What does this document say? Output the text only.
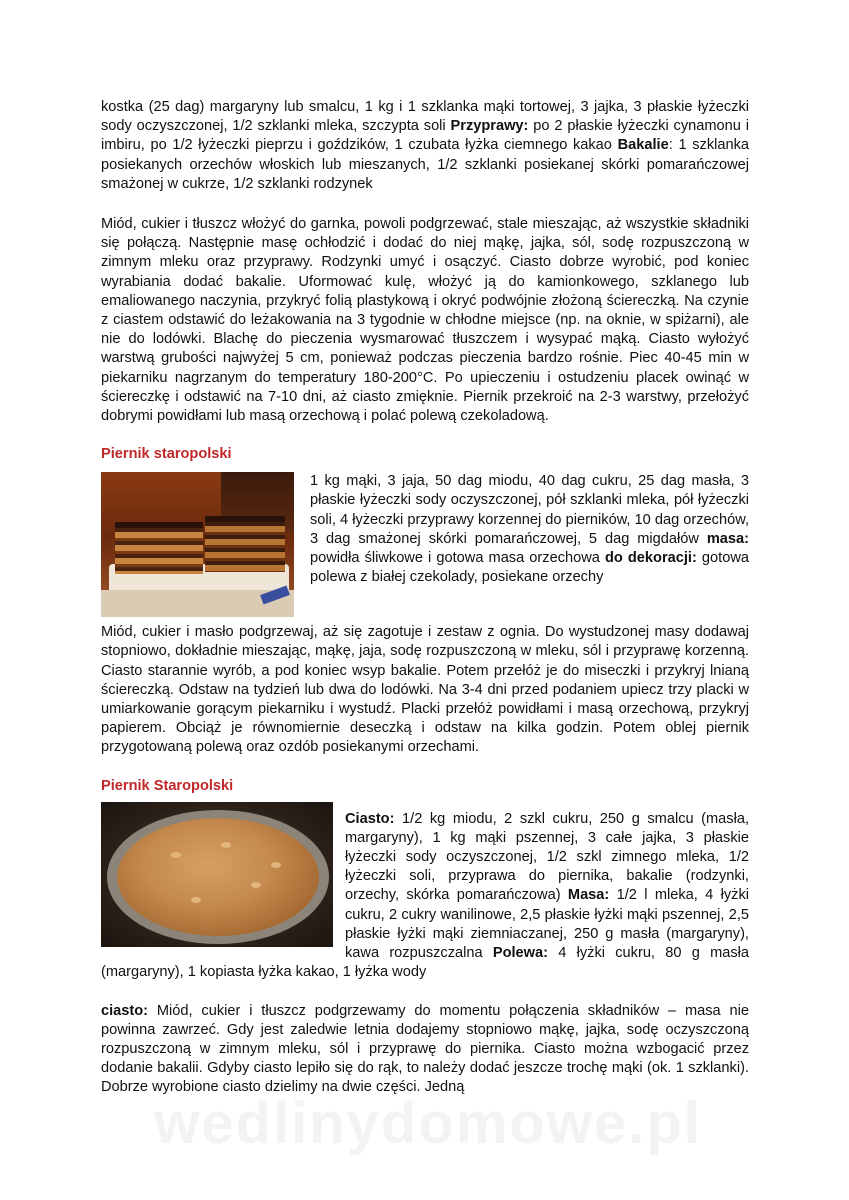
kostka (25 dag) margaryny lub smalcu, 1 kg i 1 szklanka mąki tortowej, 3 jajka, 3 płaskie łyżeczki sody oczyszczonej, 1/2 szklanki mleka, szczypta soli Przyprawy: po 2 płaskie łyżeczki cynamonu i imbiru, po 1/2 łyżeczki pieprzu i goździków, 1 czubata łyżka ciemnego kakao Bakalie: 1 szklanka posiekanych orzechów włoskich lub mieszanych, 1/2 szklanki posiekanej skórki pomarańczowej smażonej w cukrze, 1/2 szklanki rodzynek

Miód, cukier i tłuszcz włożyć do garnka, powoli podgrzewać, stale mieszając, aż wszystkie składniki się połączą. Następnie masę ochłodzić i dodać do niej mąkę, jajka, sól, sodę rozpuszczoną w zimnym mleku oraz przyprawy. Rodzynki umyć i osączyć. Ciasto dobrze wyrobić, pod koniec wyrabiania dodać bakalie. Uformować kulę, włożyć ją do kamionkowego, szklanego lub emaliowanego naczynia, przykryć folią plastykową i okryć podwójnie złożoną ściereczką. Na czynie z ciastem odstawić do leżakowania na 3 tygodnie w chłodne miejsce (np. na oknie, w spiżarni), ale nie do lodówki. Blachę do pieczenia wysmarować tłuszczem i wysypać mąką. Ciasto wyłożyć warstwą grubości najwyżej 5 cm, ponieważ podczas pieczenia bardzo rośnie. Piec 40-45 min w piekarniku nagrzanym do temperatury 180-200°C. Po upieczeniu i ostudzeniu placek owinąć w ściereczkę i odstawić na 7-10 dni, aż ciasto zmięknie. Piernik przekroić na 2-3 warstwy, przełożyć dobrymi powidłami lub masą orzechową i polać polewą czekoladową.

Piernik staropolski

1 kg mąki, 3 jaja, 50 dag miodu, 40 dag cukru, 25 dag masła, 3 płaskie łyżeczki sody oczyszczonej, pół szklanki mleka, pół łyżeczki soli, 4 łyżeczki przyprawy korzennej do pierników, 10 dag orzechów, 3 dag smażonej skórki pomarańczowej, 5 dag migdałów masa: powidła śliwkowe i gotowa masa orzechowa do dekoracji: gotowa polewa z białej czekolady, posiekane orzechy

Miód, cukier i masło podgrzewaj, aż się zagotuje i zestaw z ognia. Do wystudzonej masy dodawaj stopniowo, dokładnie mieszając, mąkę, jaja, sodę rozpuszczoną w mleku, sól i przyprawę korzenną. Ciasto starannie wyrób, a pod koniec wsyp bakalie. Potem przełóż je do miseczki i przykryj lnianą ściereczką. Odstaw na tydzień lub dwa do lodówki. Na 3-4 dni przed podaniem upiecz trzy placki w umiarkowanie gorącym piekarniku i wystudź. Placki przełóż powidłami i masą orzechową, przykryj papierem. Obciąż je równomiernie deseczką i odstaw na kilka godzin. Potem oblej piernik przygotowaną polewą oraz ozdób posiekanymi orzechami.

Piernik Staropolski

Ciasto: 1/2 kg miodu, 2 szkl cukru, 250 g smalcu (masła, margaryny), 1 kg mąki pszennej, 3 całe jajka, 3 płaskie łyżeczki sody oczyszczonej, 1/2 szkl zimnego mleka, 1/2 łyżeczki soli, przyprawa do piernika, bakalie (rodzynki, orzechy, skórka pomarańczowa) Masa: 1/2 l mleka, 4 łyżki cukru, 2 cukry wanilinowe, 2,5 płaskie łyżki mąki pszennej, 2,5 płaskie łyżki mąki ziemniaczanej, 250 g masła (margaryny), kawa rozpuszczalna Polewa: 4 łyżki cukru, 80 g masła (margaryny), 1 kopiasta łyżka kakao, 1 łyżka wody

ciasto: Miód, cukier i tłuszcz podgrzewamy do momentu połączenia składników – masa nie powinna zawrzeć. Gdy jest zaledwie letnia dodajemy stopniowo mąkę, jajka, sodę oczyszczoną rozpuszczoną w zimnym mleku, sól i przyprawę do piernika. Ciasto można wzbogacić przez dodanie bakalii. Gdyby ciasto lepiło się do rąk, to należy dodać jeszcze trochę mąki (ok. 1 szklanki). Dobrze wyrobione ciasto dzielimy na dwie części. Jedną

wedlinydomowe.pl
